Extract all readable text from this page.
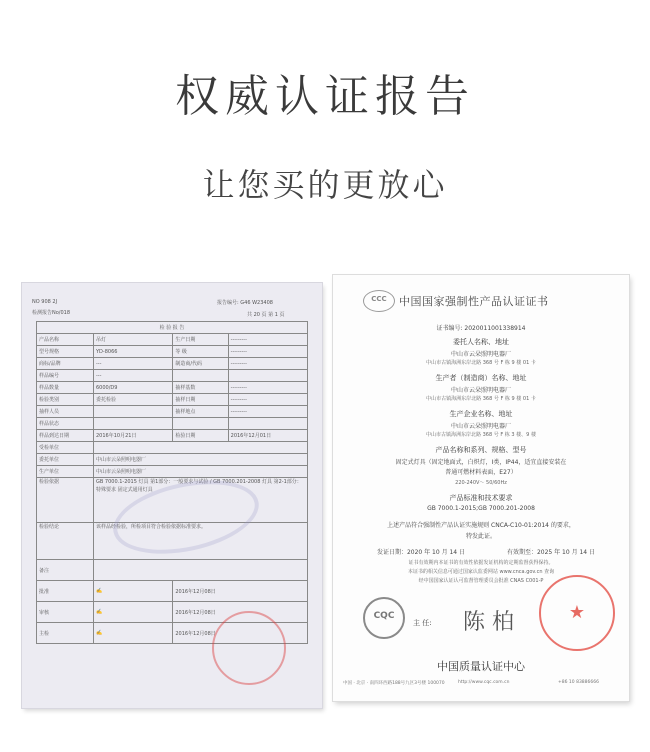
权威认证报告
让您买的更放心
NO 908 2J
检测报告No/018
报告编号: G46 W23408
共 20 页 第 1 页
检 验 报 告			
产品名称	吊灯	生产日期	---------
型号规格	YD-8066	等 级	---------
商标/品牌	---	制造商/代码	---------
样品编号	---		
样品数量	6000/D9	抽样基数	---------
检验类别	委托检验	抽样日期	---------
抽样人员		抽样地点	---------
样品状态			
样品到达日期	2016年10月21日	检验日期	2016年12月01日
受检单位			
委托单位	中山市云朵照明电器厂		
生产单位	中山市云朵照明电器厂		
检验依据	GB 7000.1-2015 灯具 第1部分：一般要求与试验 / GB 7000.201-2008 灯具 第2-1部分：特殊要求 固定式通用灯具		
检验结论	该样品经检验，所检项目符合检验依据标准要求。		
备注			
批准	✍	2016年12月08日	
审核	✍	2016年12月08日	
主检	✍	2016年12月08日	
CCC	中国国家强制性产品认证证书
证书编号: 2020011001338914
委托人名称、地址
中山市云朵照明电器厂
中山市古镇海洲东岸北路 368 号 F 栋 9 楼 01 卡
生产者（制造商）名称、地址
中山市云朵照明电器厂
中山市古镇海洲东岸北路 368 号 F 栋 9 楼 01 卡
生产企业名称、地址
中山市云朵照明电器厂
中山市古镇海洲东岸北路 368 号 F 栋 3 楼、9 楼
产品名称和系列、规格、型号
固定式灯具（固定地面式，白炽灯，Ⅰ类，IP44，适宜直接安装在
普通可燃材料表面，E27）
220-240V～ 50/60Hz
产品标准和技术要求
GB 7000.1-2015;GB 7000.201-2008
上述产品符合强制性产品认证实施规则 CNCA-C10-01:2014 的要求，
特发此证。
发证日期：2020 年 10 月 14 日	有效期至：2025 年 10 月 14 日
证书有效期内本证书的有效性依据发证机构的定期监督获得保持。
本证书的相关信息可通过国家认监委网站 www.cnca.gov.cn 查询
经中国国家认证认可监督管理委员会批准 CNAS C001-P
CQC
主 任: 陈 柏	★
中国质量认证中心
中国 · 北京 · 南四环西路188号九区3号楼 100070	http://www.cqc.com.cn	+86 10 83886666
